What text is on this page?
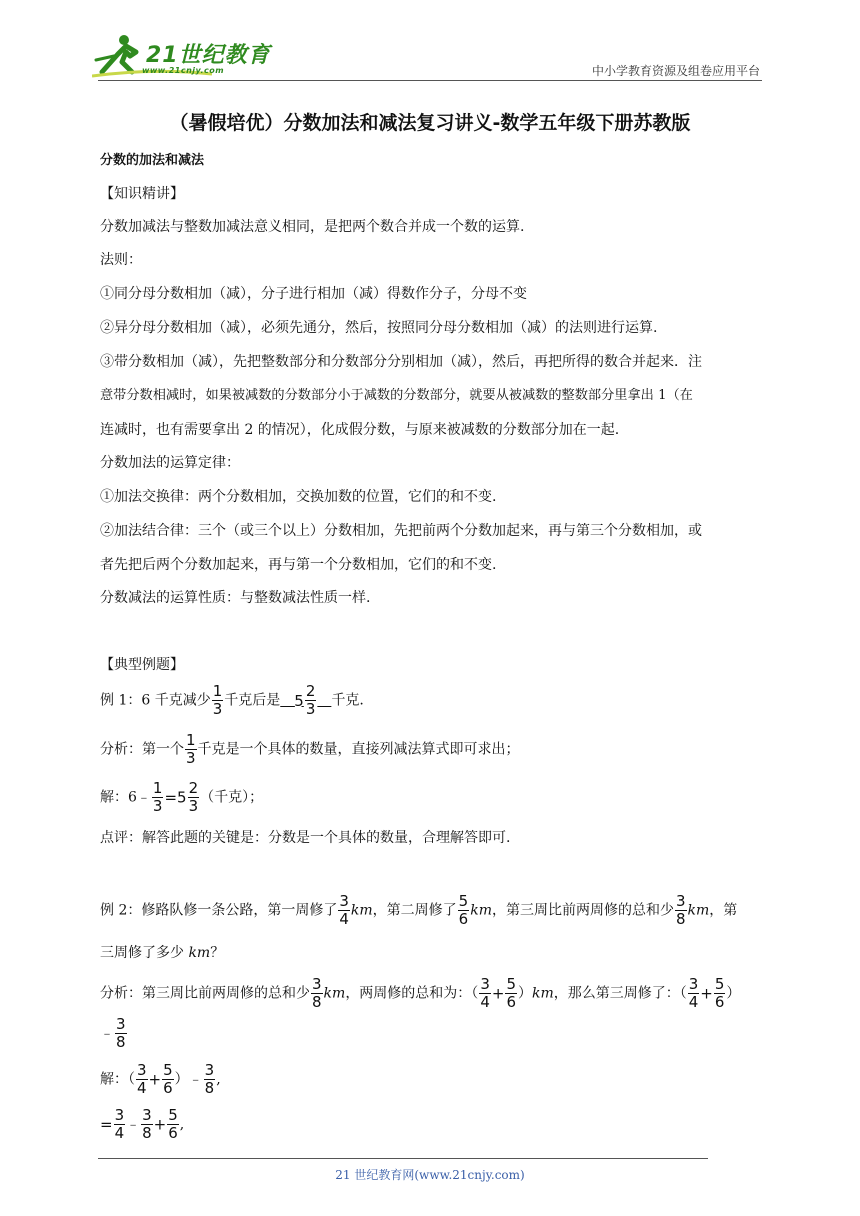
21世纪教育
www.21cnjy.com	中小学教育资源及组卷应用平台
（暑假培优）分数加法和减法复习讲义-数学五年级下册苏教版
分数的加法和减法
【知识精讲】
分数加减法与整数加减法意义相同，是把两个数合并成一个数的运算.
法则：
①同分母分数相加（减），分子进行相加（减）得数作分子，分母不变
②异分母分数相加（减），必须先通分，然后，按照同分母分数相加（减）的法则进行运算.
③带分数相加（减），先把整数部分和分数部分分别相加（减），然后，再把所得的数合并起来．注
意带分数相减时，如果被减数的分数部分小于减数的分数部分，就要从被减数的整数部分里拿出 1（在
连减时，也有需要拿出 2 的情况），化成假分数，与原来被减数的分数部分加在一起.
分数加法的运算定律：
①加法交换律：两个分数相加，交换加数的位置，它们的和不变.
②加法结合律：三个（或三个以上）分数相加，先把前两个分数加起来，再与第三个分数相加，或
者先把后两个分数加起来，再与第一个分数相加，它们的和不变.
分数减法的运算性质：与整数减法性质一样.
【典型例题】
例 1：6 千克减少 $\frac{1}{3}$ 千克后是　 $5 \frac{2}{3}$
　 千克.
分析：第一个 $\frac{1}{3}$ 千克是一个具体的数量，直接列减法算式即可求出；
解：6﹣ $\frac{1}{3} =5 \frac{2}{3}$ （千克）；
点评：解答此题的关键是：分数是一个具体的数量，合理解答即可.
例 2：修路队修一条公路，第一周修了 $\frac{3}{4}$ km，第二周修了 $\frac{5}{6}$ km，第三周比前两周修的总和少 $\frac{3}{8}$ km，第
三周修了多少 km？
分析：第三周比前两周修的总和少 $\frac{3}{8}$ km，两周修的总和为：（ $\frac{3}{4} + \frac{5}{6} )km$，那么第三周修了：（ $\frac{3}{4} + \frac{5}{6}$ ）
﹣ $\frac{3}{8}$
解：（ $\frac{3}{4} + \frac{5}{6}$ ）﹣ $\frac{3}{8}$ ,
= $\frac{3}{4}$ ﹣ $\frac{3}{8} + \frac{5}{6}$ ,
21 世纪教育网(www.21cnjy.com)
